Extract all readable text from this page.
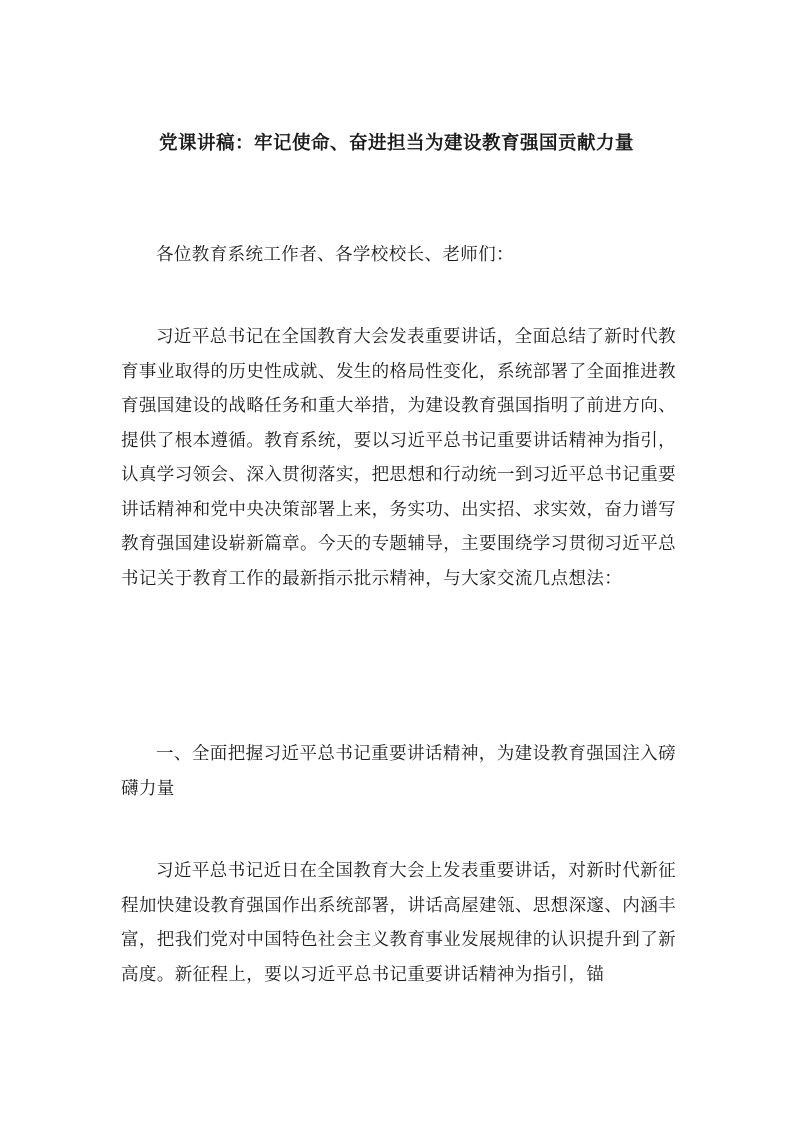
党课讲稿：牢记使命、奋进担当为建设教育强国贡献力量

各位教育系统工作者、各学校校长、老师们：

习近平总书记在全国教育大会发表重要讲话，全面总结了新时代教育事业取得的历史性成就、发生的格局性变化，系统部署了全面推进教育强国建设的战略任务和重大举措，为建设教育强国指明了前进方向、提供了根本遵循。教育系统，要以习近平总书记重要讲话精神为指引，认真学习领会、深入贯彻落实，把思想和行动统一到习近平总书记重要讲话精神和党中央决策部署上来，务实功、出实招、求实效，奋力谱写教育强国建设崭新篇章。今天的专题辅导，主要围绕学习贯彻习近平总书记关于教育工作的最新指示批示精神，与大家交流几点想法：

一、全面把握习近平总书记重要讲话精神，为建设教育强国注入磅礴力量

习近平总书记近日在全国教育大会上发表重要讲话，对新时代新征程加快建设教育强国作出系统部署，讲话高屋建瓴、思想深邃、内涵丰富，把我们党对中国特色社会主义教育事业发展规律的认识提升到了新高度。新征程上，要以习近平总书记重要讲话精神为指引，锚
